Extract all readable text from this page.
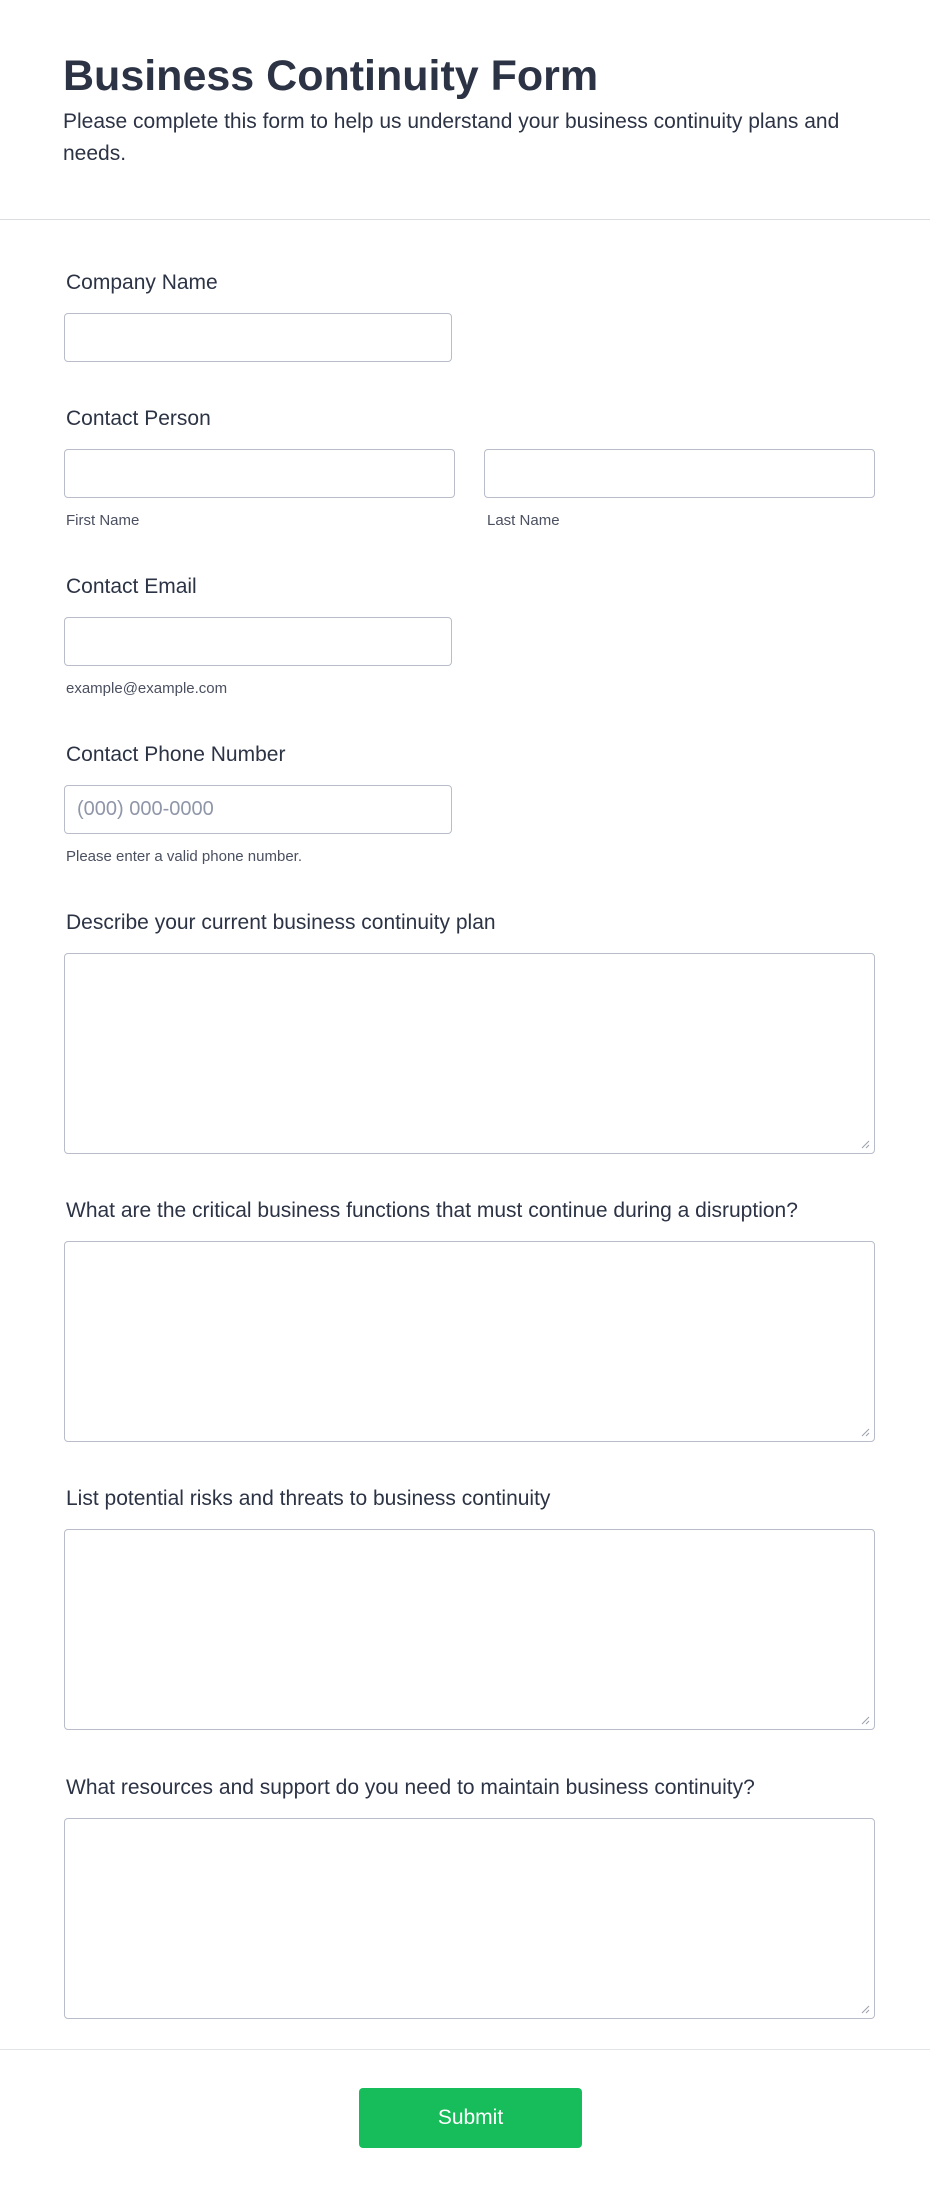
Business Continuity Form

Please complete this form to help us understand your business continuity plans and needs.

Company Name
Contact Person
First Name	Last Name
Contact Email
example@example.com
Contact Phone Number
(000) 000-0000
Please enter a valid phone number.
Describe your current business continuity plan
What are the critical business functions that must continue during a disruption?
List potential risks and threats to business continuity
What resources and support do you need to maintain business continuity?
Submit
